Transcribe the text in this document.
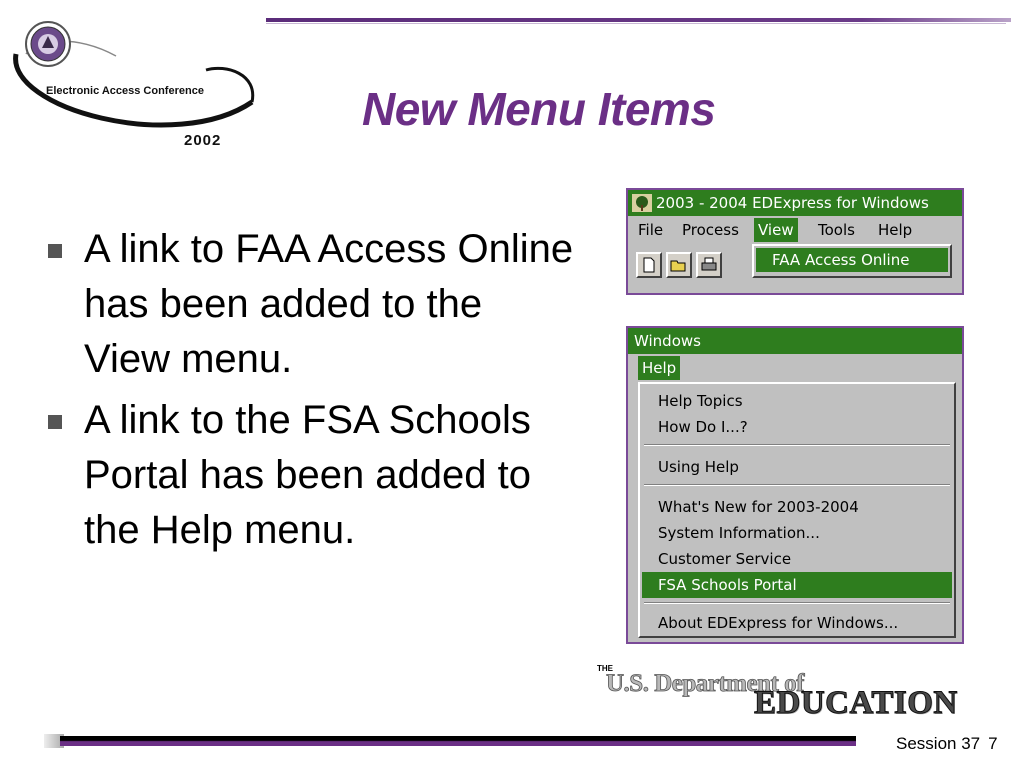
Electronic Access Conference
2002
New Menu Items
A link to FAA Access Online has been added to the View menu.
A link to the FSA Schools Portal has been added to the Help menu.
2003 - 2004 EDExpress for Windows
File Process View Tools Help
FAA Access Online
Windows
Help
Help Topics
How Do I...?
Using Help
What's New for 2003-2004
System Information...
Customer Service
FSA Schools Portal
About EDExpress for Windows...
THE
U.S. Department of
EDUCATION
Session 37 7
